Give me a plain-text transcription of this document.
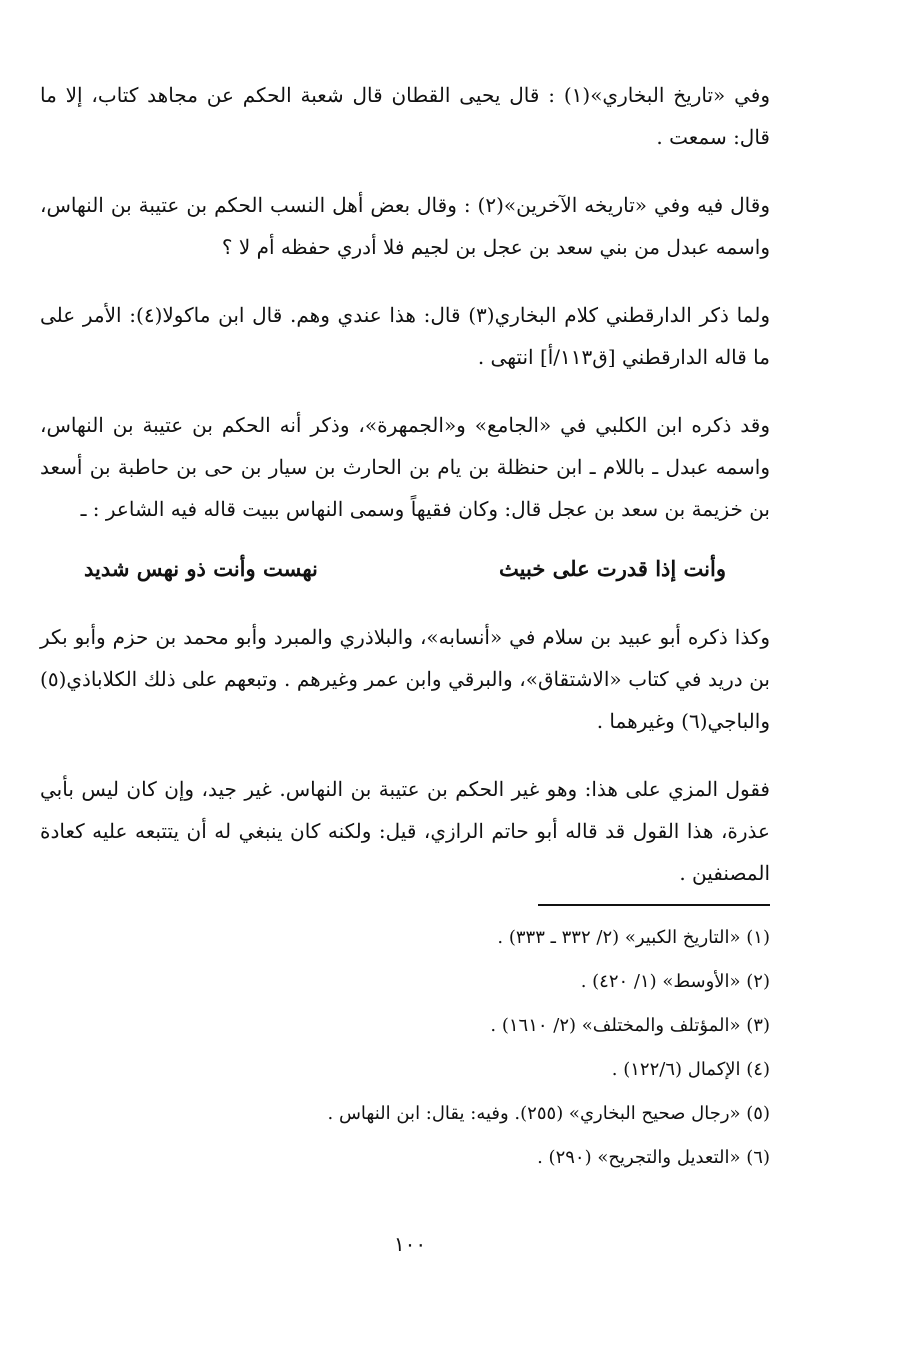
وفي «تاريخ البخاري»(١) : قال يحيى القطان قال شعبة الحكم عن مجاهد كتاب، إلا ما قال: سمعت .

وقال فيه وفي «تاريخه الآخرين»(٢) : وقال بعض أهل النسب الحكم بن عتيبة بن النهاس، واسمه عبدل من بني سعد بن عجل بن لجيم فلا أدري حفظه أم لا ؟

ولما ذكر الدارقطني كلام البخاري(٣) قال: هذا عندي وهم. قال ابن ماكولا(٤): الأمر على ما قاله الدارقطني [ق١١٣/أ] انتهى .

وقد ذكره ابن الكلبي في «الجامع» و«الجمهرة»، وذكر أنه الحكم بن عتيبة بن النهاس، واسمه عبدل ـ باللام ـ ابن حنظلة بن يام بن الحارث بن سيار بن حى بن حاطبة بن أسعد بن خزيمة بن سعد بن عجل قال: وكان فقيهاً وسمى النهاس ببيت قاله فيه الشاعر : ـ

وأنت إذا قدرت على خبيث
نهست وأنت ذو نهس شديد

وكذا ذكره أبو عبيد بن سلام في «أنسابه»، والبلاذري والمبرد وأبو محمد بن حزم وأبو بكر بن دريد في كتاب «الاشتقاق»، والبرقي وابن عمر وغيرهم . وتبعهم على ذلك الكلاباذي(٥) والباجي(٦) وغيرهما .

فقول المزي على هذا: وهو غير الحكم بن عتيبة بن النهاس. غير جيد، وإن كان ليس بأبي عذرة، هذا القول قد قاله أبو حاتم الرازي، قيل: ولكنه كان ينبغي له أن يتتبعه عليه كعادة المصنفين .

(١) «التاريخ الكبير» (٢/ ٣٣٢ ـ ٣٣٣) .

(٢) «الأوسط» (١/ ٤٢٠) .

(٣) «المؤتلف والمختلف» (٢/ ١٦١٠) .

(٤) الإكمال (١٢٢/٦) .

(٥) «رجال صحيح البخاري» (٢٥٥). وفيه: يقال: ابن النهاس .

(٦) «التعديل والتجريح» (٢٩٠) .

١٠٠
